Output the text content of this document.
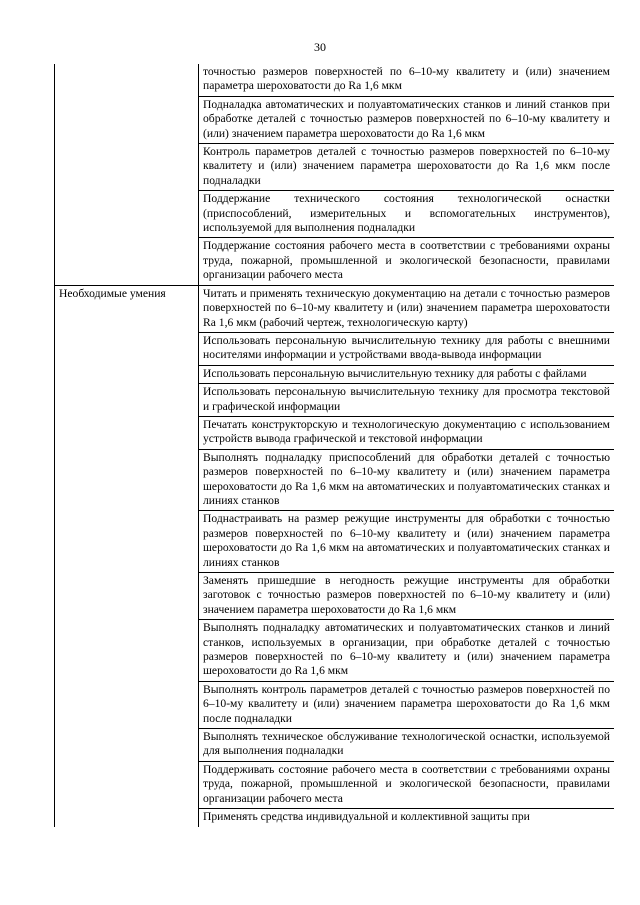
30
	точностью размеров поверхностей по 6–10-му квалитету и (или) значением параметра шероховатости до Ra 1,6 мкм
	Подналадка автоматических и полуавтоматических станков и линий станков при обработке деталей с точностью размеров поверхностей по 6–10-му квалитету и (или) значением параметра шероховатости до Ra 1,6 мкм
	Контроль параметров деталей с точностью размеров поверхностей по 6–10-му квалитету и (или) значением параметра шероховатости до Ra 1,6 мкм после подналадки
	Поддержание технического состояния технологической оснастки (приспособлений, измерительных и вспомогательных инструментов), используемой для выполнения подналадки
	Поддержание состояния рабочего места в соответствии с требованиями охраны труда, пожарной, промышленной и экологической безопасности, правилами организации рабочего места
Необходимые умения	Читать и применять техническую документацию на детали с точностью размеров поверхностей по 6–10-му квалитету и (или) значением параметра шероховатости Ra 1,6 мкм (рабочий чертеж, технологическую карту)
	Использовать персональную вычислительную технику для работы с внешними носителями информации и устройствами ввода-вывода информации
	Использовать персональную вычислительную технику для работы с файлами
	Использовать персональную вычислительную технику для просмотра текстовой и графической информации
	Печатать конструкторскую и технологическую документацию с использованием устройств вывода графической и текстовой информации
	Выполнять подналадку приспособлений для обработки деталей с точностью размеров поверхностей по 6–10-му квалитету и (или) значением параметра шероховатости до Ra 1,6 мкм на автоматических и полуавтоматических станках и линиях станков
	Поднастраивать на размер режущие инструменты для обработки с точностью размеров поверхностей по 6–10-му квалитету и (или) значением параметра шероховатости до Ra 1,6 мкм на автоматических и полуавтоматических станках и линиях станков
	Заменять пришедшие в негодность режущие инструменты для обработки заготовок с точностью размеров поверхностей по 6–10-му квалитету и (или) значением параметра шероховатости до Ra 1,6 мкм
	Выполнять подналадку автоматических и полуавтоматических станков и линий станков, используемых в организации, при обработке деталей с точностью размеров поверхностей по 6–10-му квалитету и (или) значением параметра шероховатости до Ra 1,6 мкм
	Выполнять контроль параметров деталей с точностью размеров поверхностей по 6–10-му квалитету и (или) значением параметра шероховатости до Ra 1,6 мкм после подналадки
	Выполнять техническое обслуживание технологической оснастки, используемой для выполнения подналадки
	Поддерживать состояние рабочего места в соответствии с требованиями охраны труда, пожарной, промышленной и экологической безопасности, правилами организации рабочего места
	Применять средства индивидуальной и коллективной защиты при
